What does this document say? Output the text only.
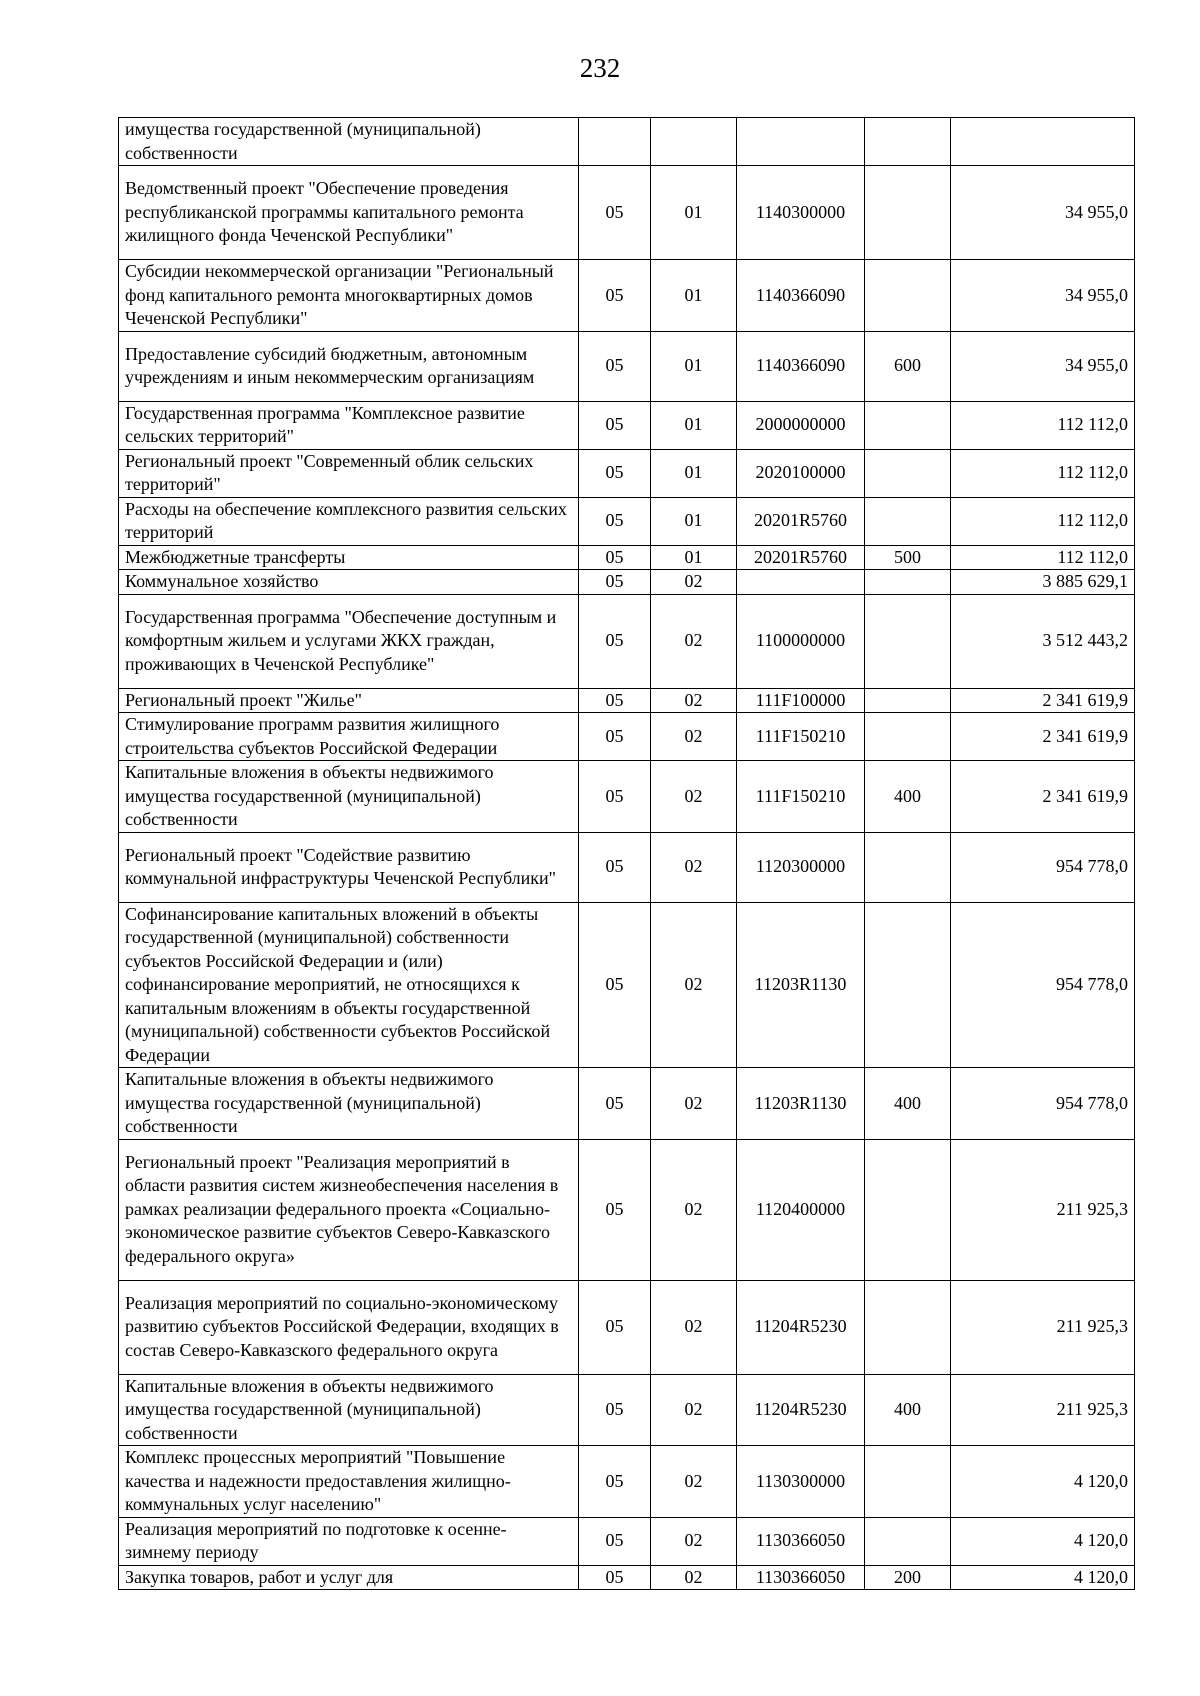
232
имущества государственной (муниципальной) собственности					
Ведомственный проект "Обеспечение проведения республиканской программы капитального ремонта жилищного фонда Чеченской Республики"	05	01	1140300000		34 955,0
Субсидии некоммерческой организации "Региональный фонд капитального ремонта многоквартирных домов Чеченской Республики"	05	01	1140366090		34 955,0
Предоставление субсидий бюджетным, автономным учреждениям и иным некоммерческим организациям	05	01	1140366090	600	34 955,0
Государственная программа "Комплексное развитие сельских территорий"	05	01	2000000000		112 112,0
Региональный проект "Современный облик сельских территорий"	05	01	2020100000		112 112,0
Расходы на обеспечение комплексного развития сельских территорий	05	01	20201R5760		112 112,0
Межбюджетные трансферты	05	01	20201R5760	500	112 112,0
Коммунальное хозяйство	05	02			3 885 629,1
Государственная программа "Обеспечение доступным и комфортным жильем и услугами ЖКХ граждан, проживающих в Чеченской Республике"	05	02	1100000000		3 512 443,2
Региональный проект "Жилье"	05	02	111F100000		2 341 619,9
Стимулирование программ развития жилищного строительства субъектов Российской Федерации	05	02	111F150210		2 341 619,9
Капитальные вложения в объекты недвижимого имущества государственной (муниципальной) собственности	05	02	111F150210	400	2 341 619,9
Региональный проект "Содействие развитию коммунальной инфраструктуры Чеченской Республики"	05	02	1120300000		954 778,0
Софинансирование капитальных вложений в объекты государственной (муниципальной) собственности субъектов Российской Федерации и (или) софинансирование мероприятий, не относящихся к капитальным вложениям в объекты государственной (муниципальной) собственности субъектов Российской Федерации	05	02	11203R1130		954 778,0
Капитальные вложения в объекты недвижимого имущества государственной (муниципальной) собственности	05	02	11203R1130	400	954 778,0
Региональный проект "Реализация мероприятий в области развития систем жизнеобеспечения населения в рамках реализации федерального проекта «Социально-экономическое развитие субъектов Северо-Кавказского федерального округа»	05	02	1120400000		211 925,3
Реализация мероприятий по социально-экономическому развитию субъектов Российской Федерации, входящих в состав Северо-Кавказского федерального округа	05	02	11204R5230		211 925,3
Капитальные вложения в объекты недвижимого имущества государственной (муниципальной) собственности	05	02	11204R5230	400	211 925,3
Комплекс процессных мероприятий "Повышение качества и надежности предоставления жилищно-коммунальных услуг населению"	05	02	1130300000		4 120,0
Реализация мероприятий по подготовке к осенне-зимнему периоду	05	02	1130366050		4 120,0
Закупка товаров, работ и услуг для	05	02	1130366050	200	4 120,0
